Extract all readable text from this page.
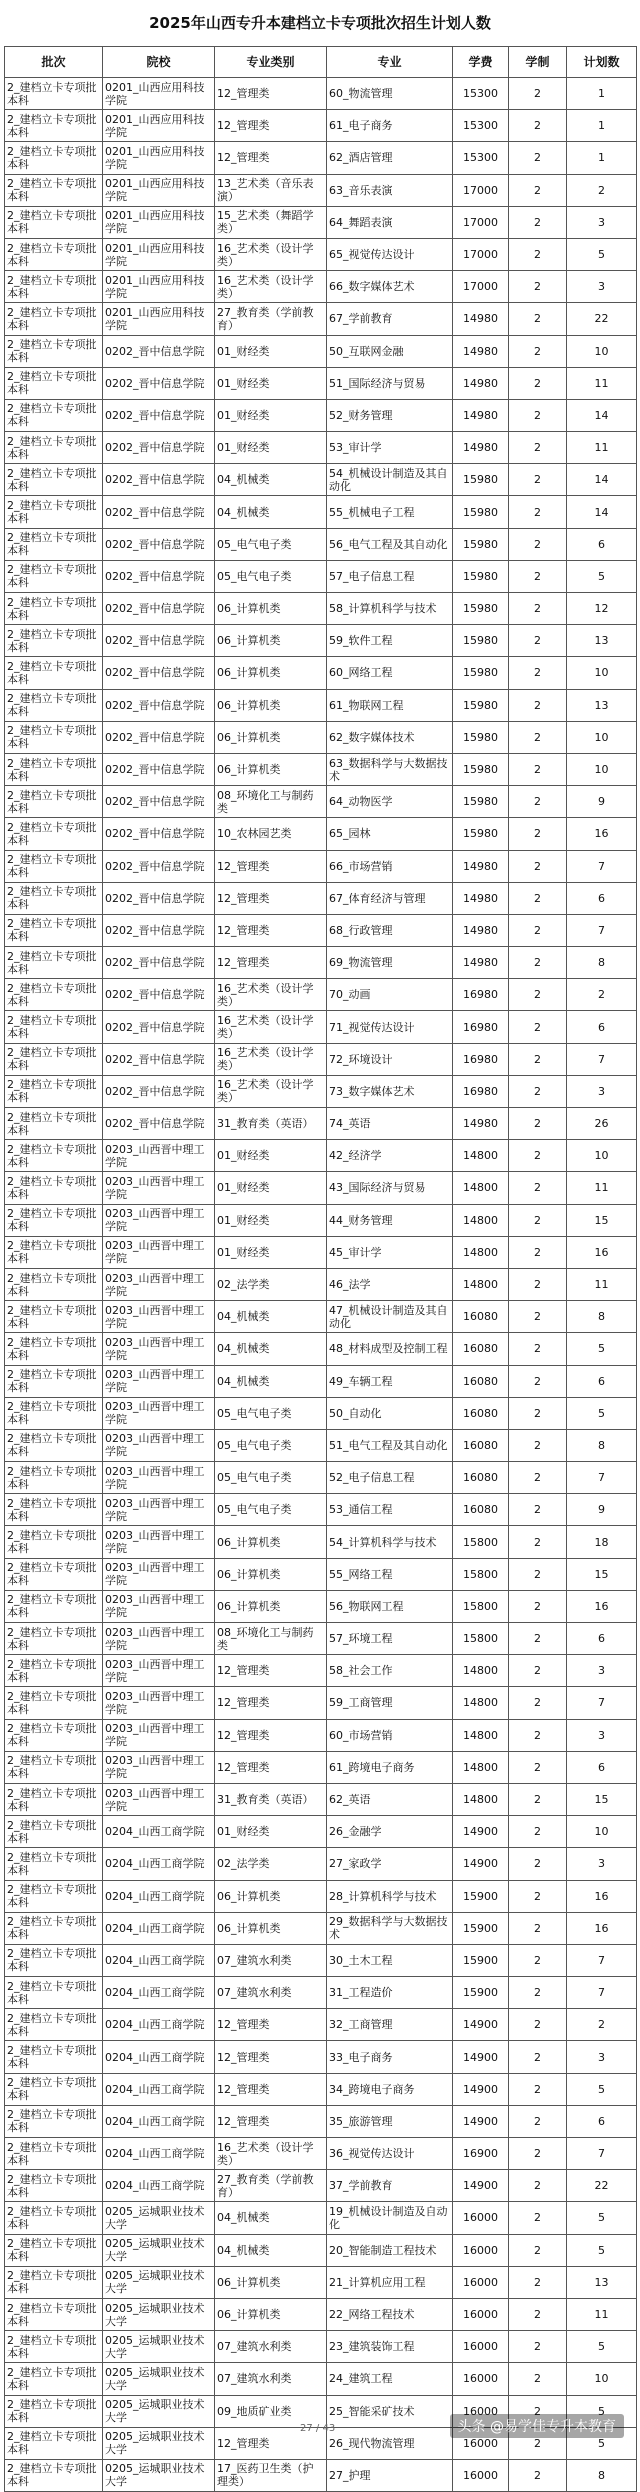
2025年山西专升本建档立卡专项批次招生计划人数
批次	院校	专业类别	专业	学费	学制	计划数
2_建档立卡专项批本科	0201_山西应用科技学院	12_管理类	60_物流管理	15300	2	1
2_建档立卡专项批本科	0201_山西应用科技学院	12_管理类	61_电子商务	15300	2	1
2_建档立卡专项批本科	0201_山西应用科技学院	12_管理类	62_酒店管理	15300	2	1
2_建档立卡专项批本科	0201_山西应用科技学院	13_艺术类（音乐表演）	63_音乐表演	17000	2	2
2_建档立卡专项批本科	0201_山西应用科技学院	15_艺术类（舞蹈学类）	64_舞蹈表演	17000	2	3
2_建档立卡专项批本科	0201_山西应用科技学院	16_艺术类（设计学类）	65_视觉传达设计	17000	2	5
2_建档立卡专项批本科	0201_山西应用科技学院	16_艺术类（设计学类）	66_数字媒体艺术	17000	2	3
2_建档立卡专项批本科	0201_山西应用科技学院	27_教育类（学前教育）	67_学前教育	14980	2	22
2_建档立卡专项批本科	0202_晋中信息学院	01_财经类	50_互联网金融	14980	2	10
2_建档立卡专项批本科	0202_晋中信息学院	01_财经类	51_国际经济与贸易	14980	2	11
2_建档立卡专项批本科	0202_晋中信息学院	01_财经类	52_财务管理	14980	2	14
2_建档立卡专项批本科	0202_晋中信息学院	01_财经类	53_审计学	14980	2	11
2_建档立卡专项批本科	0202_晋中信息学院	04_机械类	54_机械设计制造及其自动化	15980	2	14
2_建档立卡专项批本科	0202_晋中信息学院	04_机械类	55_机械电子工程	15980	2	14
2_建档立卡专项批本科	0202_晋中信息学院	05_电气电子类	56_电气工程及其自动化	15980	2	6
2_建档立卡专项批本科	0202_晋中信息学院	05_电气电子类	57_电子信息工程	15980	2	5
2_建档立卡专项批本科	0202_晋中信息学院	06_计算机类	58_计算机科学与技术	15980	2	12
2_建档立卡专项批本科	0202_晋中信息学院	06_计算机类	59_软件工程	15980	2	13
2_建档立卡专项批本科	0202_晋中信息学院	06_计算机类	60_网络工程	15980	2	10
2_建档立卡专项批本科	0202_晋中信息学院	06_计算机类	61_物联网工程	15980	2	13
2_建档立卡专项批本科	0202_晋中信息学院	06_计算机类	62_数字媒体技术	15980	2	10
2_建档立卡专项批本科	0202_晋中信息学院	06_计算机类	63_数据科学与大数据技术	15980	2	10
2_建档立卡专项批本科	0202_晋中信息学院	08_环境化工与制药类	64_动物医学	15980	2	9
2_建档立卡专项批本科	0202_晋中信息学院	10_农林园艺类	65_园林	15980	2	16
2_建档立卡专项批本科	0202_晋中信息学院	12_管理类	66_市场营销	14980	2	7
2_建档立卡专项批本科	0202_晋中信息学院	12_管理类	67_体育经济与管理	14980	2	6
2_建档立卡专项批本科	0202_晋中信息学院	12_管理类	68_行政管理	14980	2	7
2_建档立卡专项批本科	0202_晋中信息学院	12_管理类	69_物流管理	14980	2	8
2_建档立卡专项批本科	0202_晋中信息学院	16_艺术类（设计学类）	70_动画	16980	2	2
2_建档立卡专项批本科	0202_晋中信息学院	16_艺术类（设计学类）	71_视觉传达设计	16980	2	6
2_建档立卡专项批本科	0202_晋中信息学院	16_艺术类（设计学类）	72_环境设计	16980	2	7
2_建档立卡专项批本科	0202_晋中信息学院	16_艺术类（设计学类）	73_数字媒体艺术	16980	2	3
2_建档立卡专项批本科	0202_晋中信息学院	31_教育类（英语）	74_英语	14980	2	26
2_建档立卡专项批本科	0203_山西晋中理工学院	01_财经类	42_经济学	14800	2	10
2_建档立卡专项批本科	0203_山西晋中理工学院	01_财经类	43_国际经济与贸易	14800	2	11
2_建档立卡专项批本科	0203_山西晋中理工学院	01_财经类	44_财务管理	14800	2	15
2_建档立卡专项批本科	0203_山西晋中理工学院	01_财经类	45_审计学	14800	2	16
2_建档立卡专项批本科	0203_山西晋中理工学院	02_法学类	46_法学	14800	2	11
2_建档立卡专项批本科	0203_山西晋中理工学院	04_机械类	47_机械设计制造及其自动化	16080	2	8
2_建档立卡专项批本科	0203_山西晋中理工学院	04_机械类	48_材料成型及控制工程	16080	2	5
2_建档立卡专项批本科	0203_山西晋中理工学院	04_机械类	49_车辆工程	16080	2	6
2_建档立卡专项批本科	0203_山西晋中理工学院	05_电气电子类	50_自动化	16080	2	5
2_建档立卡专项批本科	0203_山西晋中理工学院	05_电气电子类	51_电气工程及其自动化	16080	2	8
2_建档立卡专项批本科	0203_山西晋中理工学院	05_电气电子类	52_电子信息工程	16080	2	7
2_建档立卡专项批本科	0203_山西晋中理工学院	05_电气电子类	53_通信工程	16080	2	9
2_建档立卡专项批本科	0203_山西晋中理工学院	06_计算机类	54_计算机科学与技术	15800	2	18
2_建档立卡专项批本科	0203_山西晋中理工学院	06_计算机类	55_网络工程	15800	2	15
2_建档立卡专项批本科	0203_山西晋中理工学院	06_计算机类	56_物联网工程	15800	2	16
2_建档立卡专项批本科	0203_山西晋中理工学院	08_环境化工与制药类	57_环境工程	15800	2	6
2_建档立卡专项批本科	0203_山西晋中理工学院	12_管理类	58_社会工作	14800	2	3
2_建档立卡专项批本科	0203_山西晋中理工学院	12_管理类	59_工商管理	14800	2	7
2_建档立卡专项批本科	0203_山西晋中理工学院	12_管理类	60_市场营销	14800	2	3
2_建档立卡专项批本科	0203_山西晋中理工学院	12_管理类	61_跨境电子商务	14800	2	6
2_建档立卡专项批本科	0203_山西晋中理工学院	31_教育类（英语）	62_英语	14800	2	15
2_建档立卡专项批本科	0204_山西工商学院	01_财经类	26_金融学	14900	2	10
2_建档立卡专项批本科	0204_山西工商学院	02_法学类	27_家政学	14900	2	3
2_建档立卡专项批本科	0204_山西工商学院	06_计算机类	28_计算机科学与技术	15900	2	16
2_建档立卡专项批本科	0204_山西工商学院	06_计算机类	29_数据科学与大数据技术	15900	2	16
2_建档立卡专项批本科	0204_山西工商学院	07_建筑水利类	30_土木工程	15900	2	7
2_建档立卡专项批本科	0204_山西工商学院	07_建筑水利类	31_工程造价	15900	2	7
2_建档立卡专项批本科	0204_山西工商学院	12_管理类	32_工商管理	14900	2	2
2_建档立卡专项批本科	0204_山西工商学院	12_管理类	33_电子商务	14900	2	3
2_建档立卡专项批本科	0204_山西工商学院	12_管理类	34_跨境电子商务	14900	2	5
2_建档立卡专项批本科	0204_山西工商学院	12_管理类	35_旅游管理	14900	2	6
2_建档立卡专项批本科	0204_山西工商学院	16_艺术类（设计学类）	36_视觉传达设计	16900	2	7
2_建档立卡专项批本科	0204_山西工商学院	27_教育类（学前教育）	37_学前教育	14900	2	22
2_建档立卡专项批本科	0205_运城职业技术大学	04_机械类	19_机械设计制造及自动化	16000	2	5
2_建档立卡专项批本科	0205_运城职业技术大学	04_机械类	20_智能制造工程技术	16000	2	5
2_建档立卡专项批本科	0205_运城职业技术大学	06_计算机类	21_计算机应用工程	16000	2	13
2_建档立卡专项批本科	0205_运城职业技术大学	06_计算机类	22_网络工程技术	16000	2	11
2_建档立卡专项批本科	0205_运城职业技术大学	07_建筑水利类	23_建筑装饰工程	16000	2	5
2_建档立卡专项批本科	0205_运城职业技术大学	07_建筑水利类	24_建筑工程	16000	2	10
2_建档立卡专项批本科	0205_运城职业技术大学	09_地质矿业类	25_智能采矿技术	16000	2	5
2_建档立卡专项批本科	0205_运城职业技术大学	12_管理类	26_现代物流管理	16000	2	5
2_建档立卡专项批本科	0205_运城职业技术大学	17_医药卫生类（护理类）	27_护理	16000	2	8
27 / 43	头条 @易学佳专升本教育
